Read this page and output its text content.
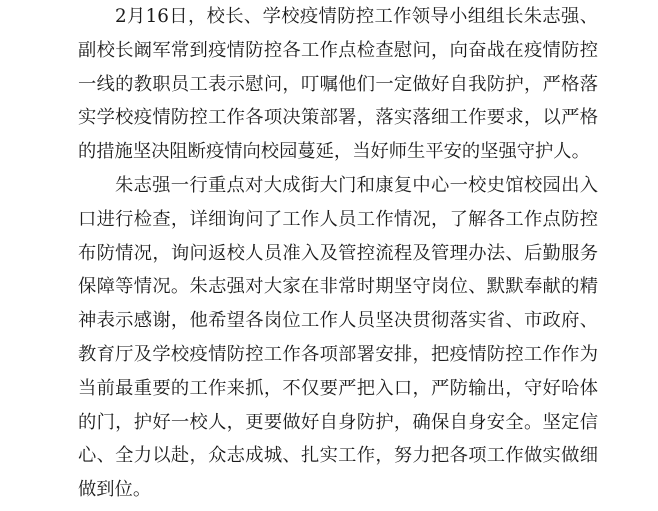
2月16日，校长、学校疫情防控工作领导小组组长朱志强、
副校长阚军常到疫情防控各工作点检查慰问，向奋战在疫情防控
一线的教职员工表示慰问，叮嘱他们一定做好自我防护，严格落
实学校疫情防控工作各项决策部署，落实落细工作要求，以严格
的措施坚决阻断疫情向校园蔓延，当好师生平安的坚强守护人。
朱志强一行重点对大成街大门和康复中心一校史馆校园出入
口进行检查，详细询问了工作人员工作情况，了解各工作点防控
布防情况，询问返校人员准入及管控流程及管理办法、后勤服务
保障等情况。朱志强对大家在非常时期坚守岗位、默默奉献的精
神表示感谢，他希望各岗位工作人员坚决贯彻落实省、市政府、
教育厅及学校疫情防控工作各项部署安排，把疫情防控工作作为
当前最重要的工作来抓，不仅要严把入口，严防输出，守好哈体
的门，护好一校人，更要做好自身防护，确保自身安全。坚定信
心、全力以赴，众志成城、扎实工作，努力把各项工作做实做细
做到位。
